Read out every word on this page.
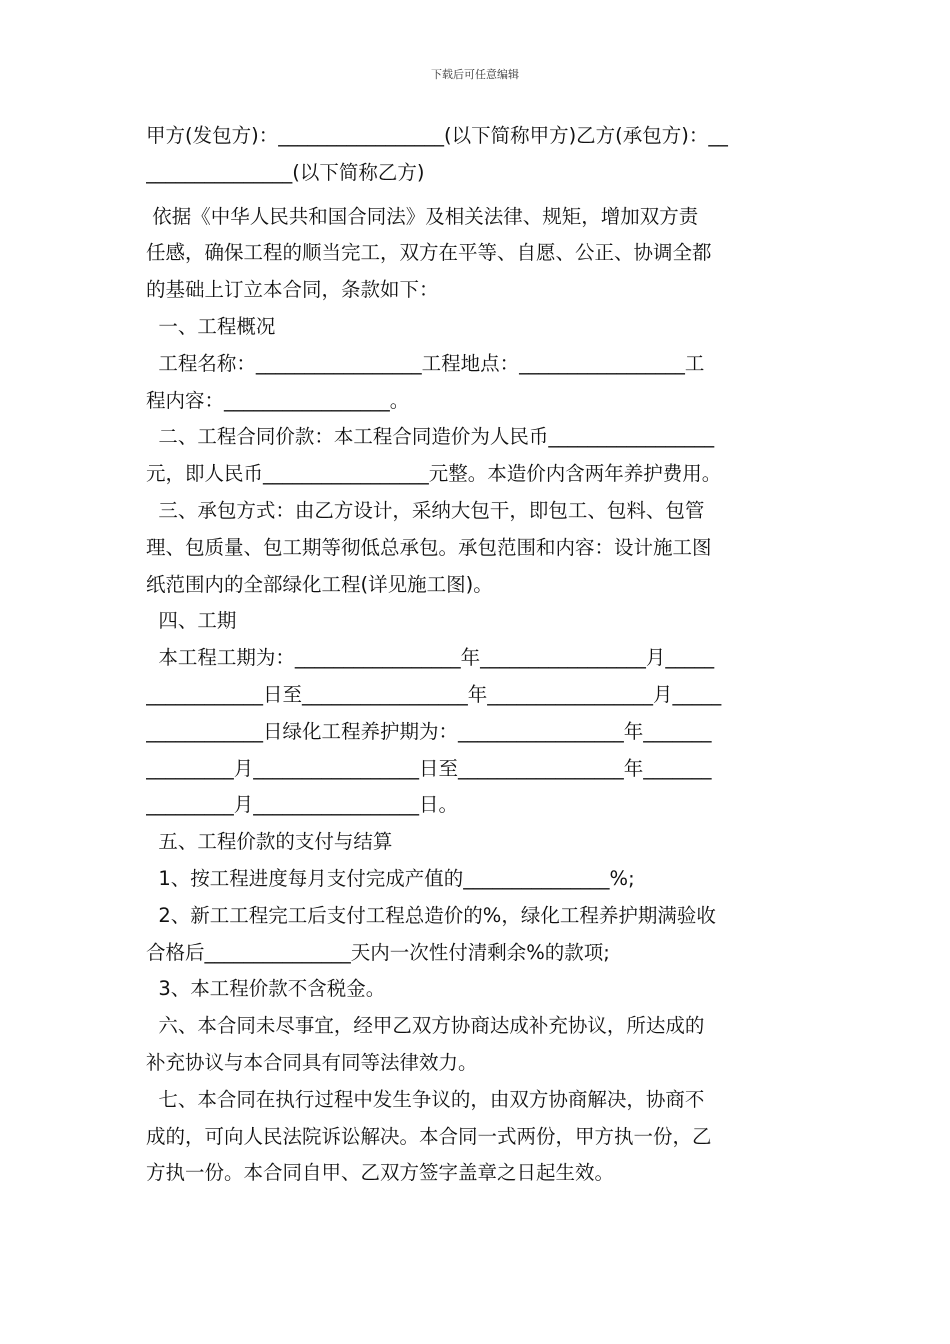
下载后可任意编辑
甲方(发包方)：_________________(以下简称甲方)乙方(承包方)：__
_______________(以下简称乙方)
依据《中华人民共和国合同法》及相关法律、规矩，增加双方责
任感，确保工程的顺当完工，双方在平等、自愿、公正、协调全都
的基础上订立本合同，条款如下：
一、工程概况
工程名称：_________________工程地点：_________________工
程内容：_________________。
二、工程合同价款：本工程合同造价为人民币_________________
元，即人民币_________________元整。本造价内含两年养护费用。
三、承包方式：由乙方设计，采纳大包干，即包工、包料、包管
理、包质量、包工期等彻低总承包。承包范围和内容：设计施工图
纸范围内的全部绿化工程(详见施工图)。
四、工期
本工程工期为：_________________年_________________月_____
____________日至_________________年_________________月_____
____________日绿化工程养护期为：_________________年_______
_________月_________________日至_________________年_______
_________月_________________日。
五、工程价款的支付与结算
1、按工程进度每月支付完成产值的_______________%;
2、新工工程完工后支付工程总造价的%，绿化工程养护期满验收
合格后_______________天内一次性付清剩余%的款项;
3、本工程价款不含税金。
六、本合同未尽事宜，经甲乙双方协商达成补充协议，所达成的
补充协议与本合同具有同等法律效力。
七、本合同在执行过程中发生争议的，由双方协商解决，协商不
成的，可向人民法院诉讼解决。本合同一式两份，甲方执一份，乙
方执一份。本合同自甲、乙双方签字盖章之日起生效。
